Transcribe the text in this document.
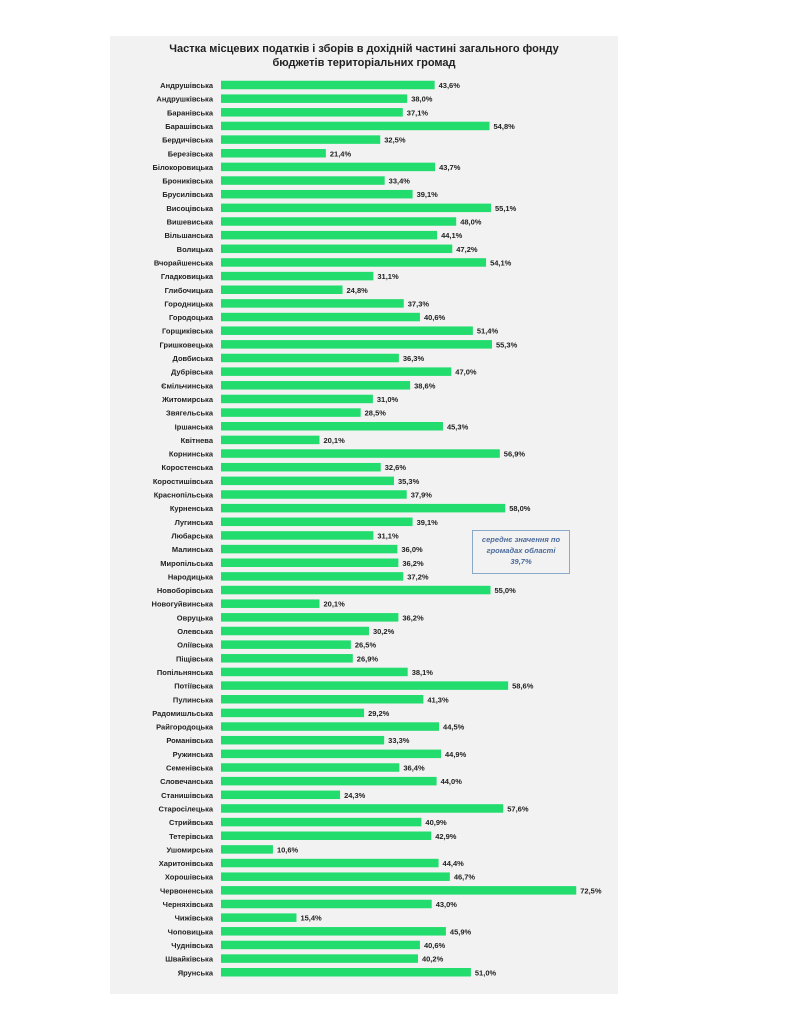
Частка місцевих податків і зборів в дохідній частині загального фонду
бюджетів територіальних громад
Андрушівська	43,6%
Андрушківська	38,0%
Баранівська	37,1%
Барашівська	54,8%
Бердичівська	32,5%
Березівська	21,4%
Білокоровицька	43,7%
Брониківська	33,4%
Брусилівська	39,1%
Висоцівська	55,1%
Вишевиська	48,0%
Вільшанська	44,1%
Волицька	47,2%
Вчорайшенська	54,1%
Гладковицька	31,1%
Глибочицька	24,8%
Городницька	37,3%
Городоцька	40,6%
Горщиківська	51,4%
Гришковецька	55,3%
Довбиська	36,3%
Дубрівська	47,0%
Ємільчинська	38,6%
Житомирська	31,0%
Звягельська	28,5%
Іршанська	45,3%
Квітнева	20,1%
Корнинська	56,9%
Коростенська	32,6%
Коростишівська	35,3%
Краснопільська	37,9%
Курненська	58,0%
Лугинська	39,1%
Любарська	31,1%
Малинська	36,0%
Миропільська	36,2%
Народицька	37,2%
Новоборівська	55,0%
Новогуйвинська	20,1%
Овруцька	36,2%
Олевська	30,2%
Оліївська	26,5%
Піщівська	26,9%
Попільнянська	38,1%
Потіївська	58,6%
Пулинська	41,3%
Радомишльська	29,2%
Райгородоцька	44,5%
Романівська	33,3%
Ружинська	44,9%
Семенівська	36,4%
Словечанська	44,0%
Станишівська	24,3%
Старосілецька	57,6%
Стрийвська	40,9%
Тетерівська	42,9%
Ушомирська	10,6%
Харитонівська	44,4%
Хорошівська	46,7%
Червоненська	72,5%
Черняхівська	43,0%
Чижівська	15,4%
Чоповицька	45,9%
Чуднівська	40,6%
Швайківська	40,2%
Ярунська	51,0%
середнє значення по
громадах області
39,7%
